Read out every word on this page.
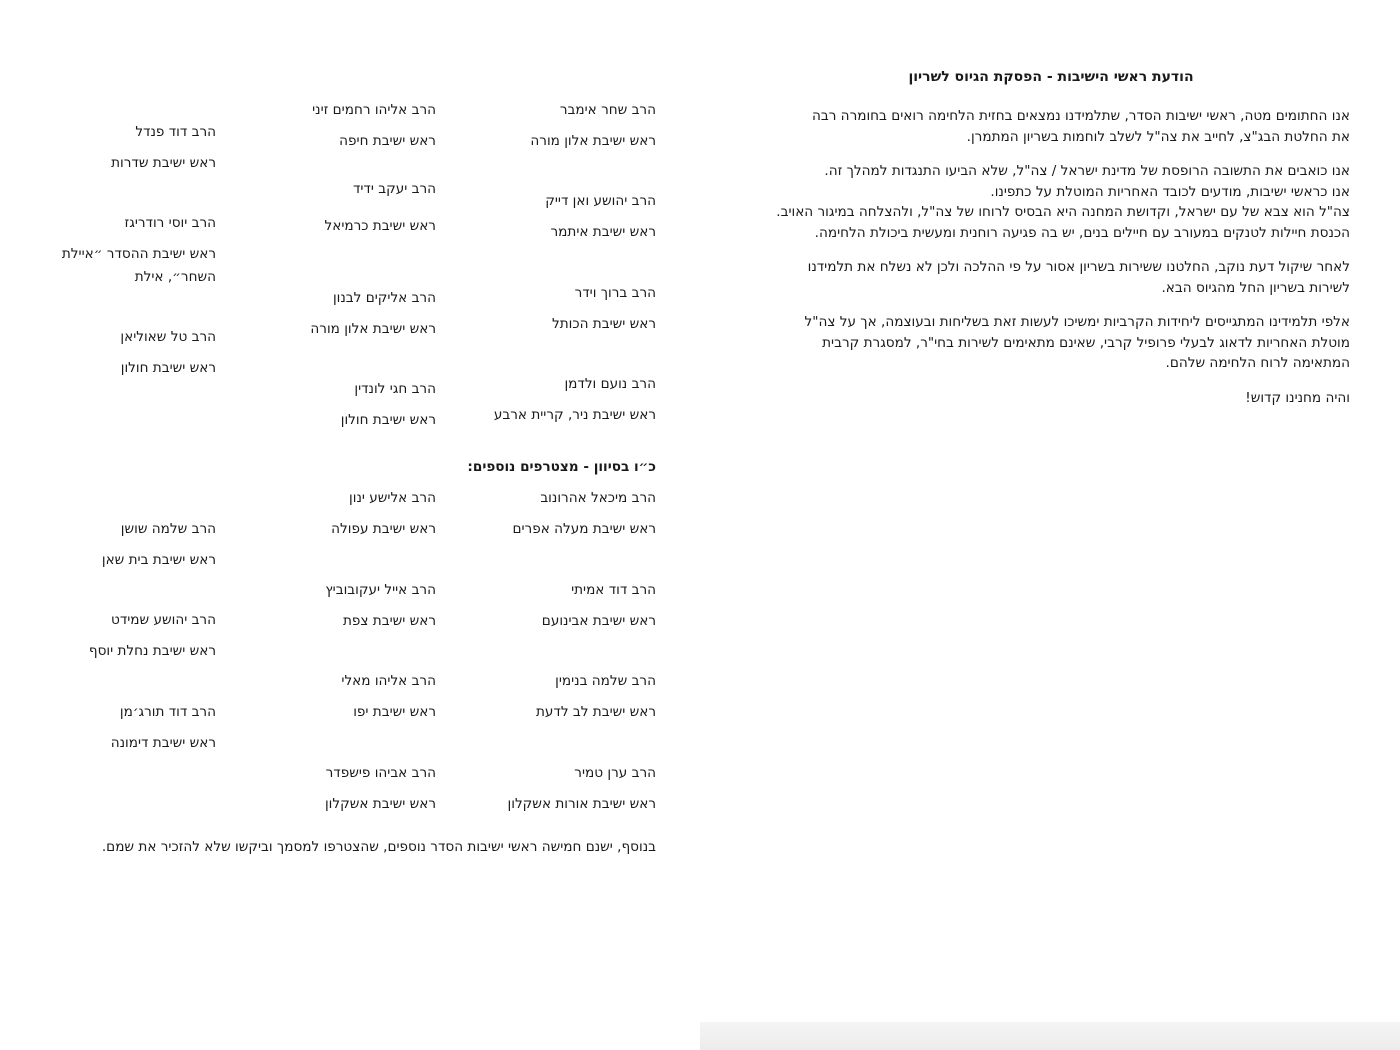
הודעת ראשי הישיבות - הפסקת הגיוס לשריון
אנו החתומים מטה, ראשי ישיבות הסדר, שתלמידנו נמצאים בחזית הלחימה רואים בחומרה רבה
את החלטת הבג"צ, לחייב את צה"ל לשלב לוחמות בשריון המתמרן.
אנו כואבים את התשובה הרופסת של מדינת ישראל / צה"ל, שלא הביעו התנגדות למהלך זה.
אנו כראשי ישיבות, מודעים לכובד האחריות המוטלת על כתפינו.
צה"ל הוא צבא של עם ישראל, וקדושת המחנה היא הבסיס לרוחו של צה"ל, ולהצלחה במיגור האויב.
הכנסת חיילות לטנקים במעורב עם חיילים בנים, יש בה פגיעה רוחנית ומעשית ביכולת הלחימה.
לאחר שיקול דעת נוקב, החלטנו ששירות בשריון אסור על פי ההלכה ולכן לא נשלח את תלמידנו
לשירות בשריון החל מהגיוס הבא.
אלפי תלמידינו המתגייסים ליחידות הקרביות ימשיכו לעשות זאת בשליחות ובעוצמה, אך על צה"ל
מוטלת האחריות לדאוג לבעלי פרופיל קרבי, שאינם מתאימים לשירות בחי"ר, למסגרת קרבית
המתאימה לרוח הלחימה שלהם.
והיה מחנינו קדוש!
הרב שחר אימבר
ראש ישיבת אלון מורה
הרב יהושע ואן דייק
ראש ישיבת איתמר
הרב ברוך וידר
ראש ישיבת הכותל
הרב נועם ולדמן
ראש ישיבת ניר, קריית ארבע
הרב אליהו רחמים זיני
ראש ישיבת חיפה
הרב יעקב ידיד
ראש ישיבת כרמיאל
הרב אליקים לבנון
ראש ישיבת אלון מורה
הרב חגי לונדין
ראש ישיבת חולון
הרב דוד פנדל
ראש ישיבת שדרות
הרב יוסי רודריגז
ראש ישיבת ההסדר ״איילת השחר״, אילת
הרב טל שאוליאן
ראש ישיבת חולון
כ״ו בסיוון - מצטרפים נוספים:
הרב מיכאל אהרונוב
ראש ישיבת מעלה אפרים
הרב דוד אמיתי
ראש ישיבת אבינועם
הרב שלמה בנימין
ראש ישיבת לב לדעת
הרב ערן טמיר
ראש ישיבת אורות אשקלון
הרב אלישע ינון
ראש ישיבת עפולה
הרב אייל יעקובוביץ
ראש ישיבת צפת
הרב אליהו מאלי
ראש ישיבת יפו
הרב אביהו פישפדר
ראש ישיבת אשקלון
הרב שלמה שושן
ראש ישיבת בית שאן
הרב יהושע שמידט
ראש ישיבת נחלת יוסף
הרב דוד תורג׳מן
ראש ישיבת דימונה
בנוסף, ישנם חמישה ראשי ישיבות הסדר נוספים, שהצטרפו למסמך וביקשו שלא להזכיר את שמם.
